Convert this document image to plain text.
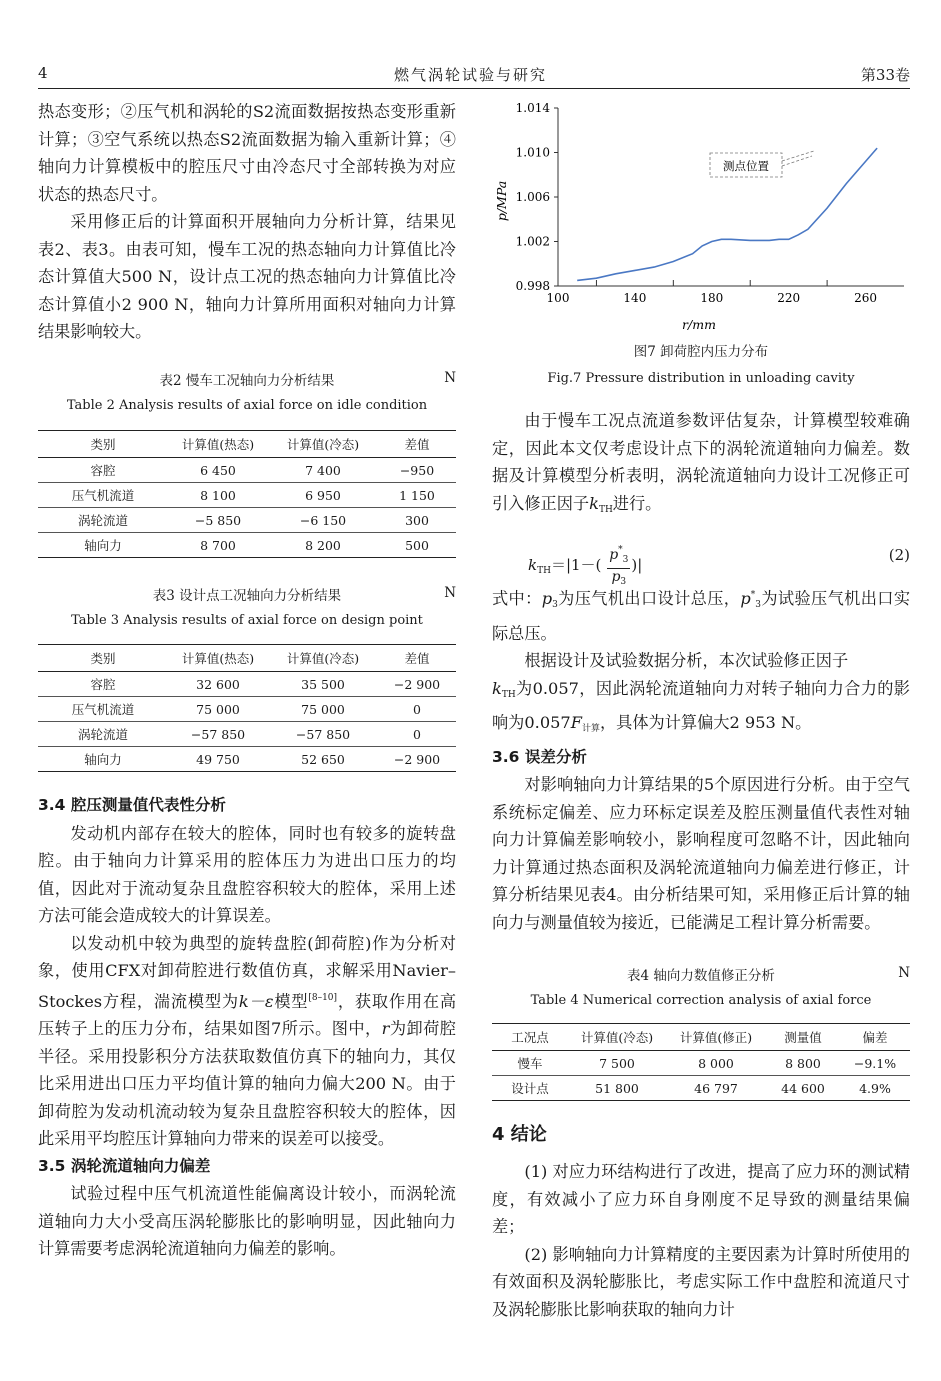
4	燃气涡轮试验与研究	第33卷

热态变形；②压气机和涡轮的S2流面数据按热态变形重新计算；③空气系统以热态S2流面数据为输入重新计算；④轴向力计算模板中的腔压尺寸由冷态尺寸全部转换为对应状态的热态尺寸。

采用修正后的计算面积开展轴向力分析计算，结果见表2、表3。由表可知，慢车工况的热态轴向力计算值比冷态计算值大500 N，设计点工况的热态轴向力计算值比冷态计算值小2 900 N，轴向力计算所用面积对轴向力计算结果影响较大。

表2 慢车工况轴向力分析结果	N
Table 2 Analysis results of axial force on idle condition
类别	计算值(热态)	计算值(冷态)	差值
容腔	6 450	7 400	−950
压气机流道	8 100	6 950	1 150
涡轮流道	−5 850	−6 150	300
轴向力	8 700	8 200	500
表3 设计点工况轴向力分析结果	N
Table 3 Analysis results of axial force on design point
类别	计算值(热态)	计算值(冷态)	差值
容腔	32 600	35 500	−2 900
压气机流道	75 000	75 000	0
涡轮流道	−57 850	−57 850	0
轴向力	49 750	52 650	−2 900

3.4 腔压测量值代表性分析

发动机内部存在较大的腔体，同时也有较多的旋转盘腔。由于轴向力计算采用的腔体压力为进出口压力的均值，因此对于流动复杂且盘腔容积较大的腔体，采用上述方法可能会造成较大的计算误差。

以发动机中较为典型的旋转盘腔(卸荷腔)作为分析对象，使用CFX对卸荷腔进行数值仿真，求解采用Navier–Stockes方程，湍流模型为k－ε模型[8–10]，获取作用在高压转子上的压力分布，结果如图7所示。图中，r为卸荷腔半径。采用投影积分方法获取数值仿真下的轴向力，其仅比采用进出口压力平均值计算的轴向力偏大200 N。由于卸荷腔为发动机流动较为复杂且盘腔容积较大的腔体，因此采用平均腔压计算轴向力带来的误差可以接受。

3.5 涡轮流道轴向力偏差

试验过程中压气机流道性能偏离设计较小，而涡轮流道轴向力大小受高压涡轮膨胀比的影响明显，因此轴向力计算需要考虑涡轮流道轴向力偏差的影响。

0.998
1.002
1.006
1.010
1.014
100	140	180	220	260
测点位置
p/MPa
r/mm
图7 卸荷腔内压力分布
Fig.7 Pressure distribution in unloading cavity

由于慢车工况点流道参数评估复杂，计算模型较难确定，因此本文仅考虑设计点下的涡轮流道轴向力偏差。数据及计算模型分析表明，涡轮流道轴向力设计工况修正可引入修正因子$k_{TH}$进行。

$k_{TH}=|1-( \frac{p^*_3}{p_3}$ )|
(2)

式中：$p_3$为压气机出口设计总压，$p^*_3$为试验压气机出口实际总压。

根据设计及试验数据分析，本次试验修正因子
$k_{TH}$为0.057，因此涡轮流道轴向力对转子轴向力合力的影响为$0.057F_{计算}$，具体为计算偏大2 953 N。

3.6 误差分析

对影响轴向力计算结果的5个原因进行分析。由于空气系统标定偏差、应力环标定误差及腔压测量值代表性对轴向力计算偏差影响较小，影响程度可忽略不计，因此轴向力计算通过热态面积及涡轮流道轴向力偏差进行修正，计算分析结果见表4。由分析结果可知，采用修正后计算的轴向力与测量值较为接近，已能满足工程计算分析需要。

表4 轴向力数值修正分析	N
Table 4 Numerical correction analysis of axial force
工况点	计算值(冷态)	计算值(修正)	测量值	偏差
慢车	7 500	8 000	8 800	−9.1%
设计点	51 800	46 797	44 600	4.9%

4 结论

(1) 对应力环结构进行了改进，提高了应力环的测试精度，有效减小了应力环自身刚度不足导致的测量结果偏差；

(2) 影响轴向力计算精度的主要因素为计算时所使用的有效面积及涡轮膨胀比，考虑实际工作中盘腔和流道尺寸及涡轮膨胀比影响获取的轴向力计
